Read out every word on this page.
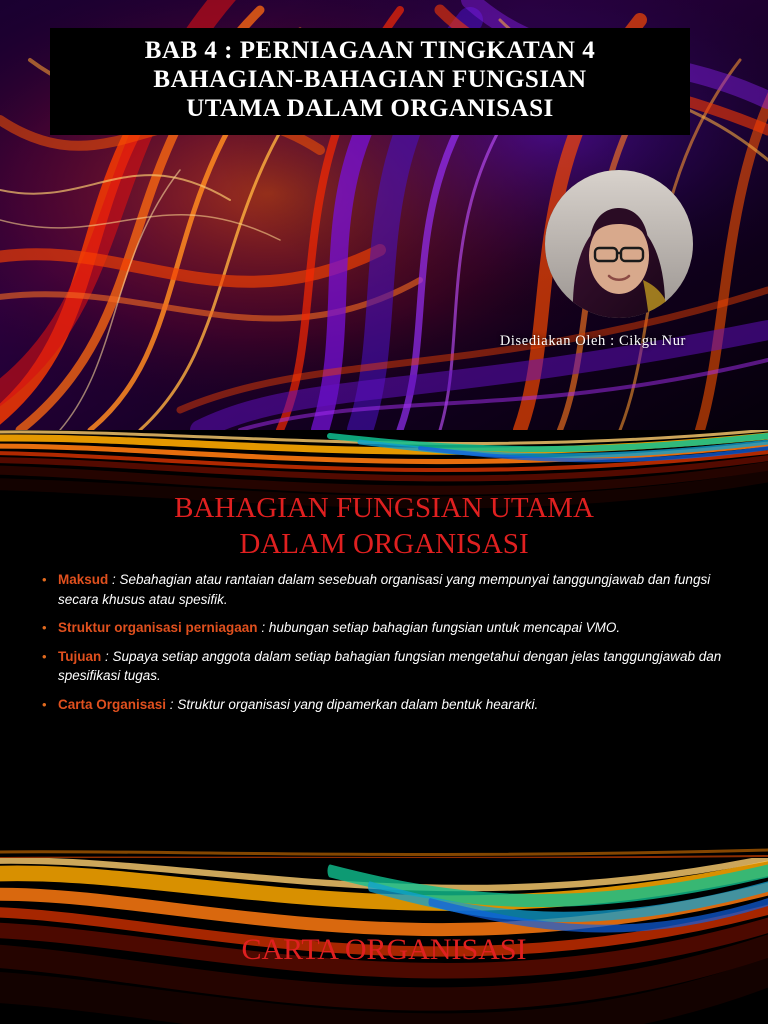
BAB 4 : PERNIAGAAN TINGKATAN 4
BAHAGIAN-BAHAGIAN FUNGSIAN
UTAMA DALAM ORGANISASI
Disediakan Oleh : Cikgu Nur
BAHAGIAN FUNGSIAN UTAMA
DALAM ORGANISASI
• Maksud : Sebahagian atau rantaian dalam sesebuah organisasi yang mempunyai tanggungjawab dan fungsi secara khusus atau spesifik.
• Struktur organisasi perniagaan : hubungan setiap bahagian fungsian untuk mencapai VMO.
• Tujuan : Supaya setiap anggota dalam setiap bahagian fungsian mengetahui dengan jelas tanggungjawab dan spesifikasi tugas.
• Carta Organisasi : Struktur organisasi yang dipamerkan dalam bentuk heararki.
CARTA ORGANISASI
